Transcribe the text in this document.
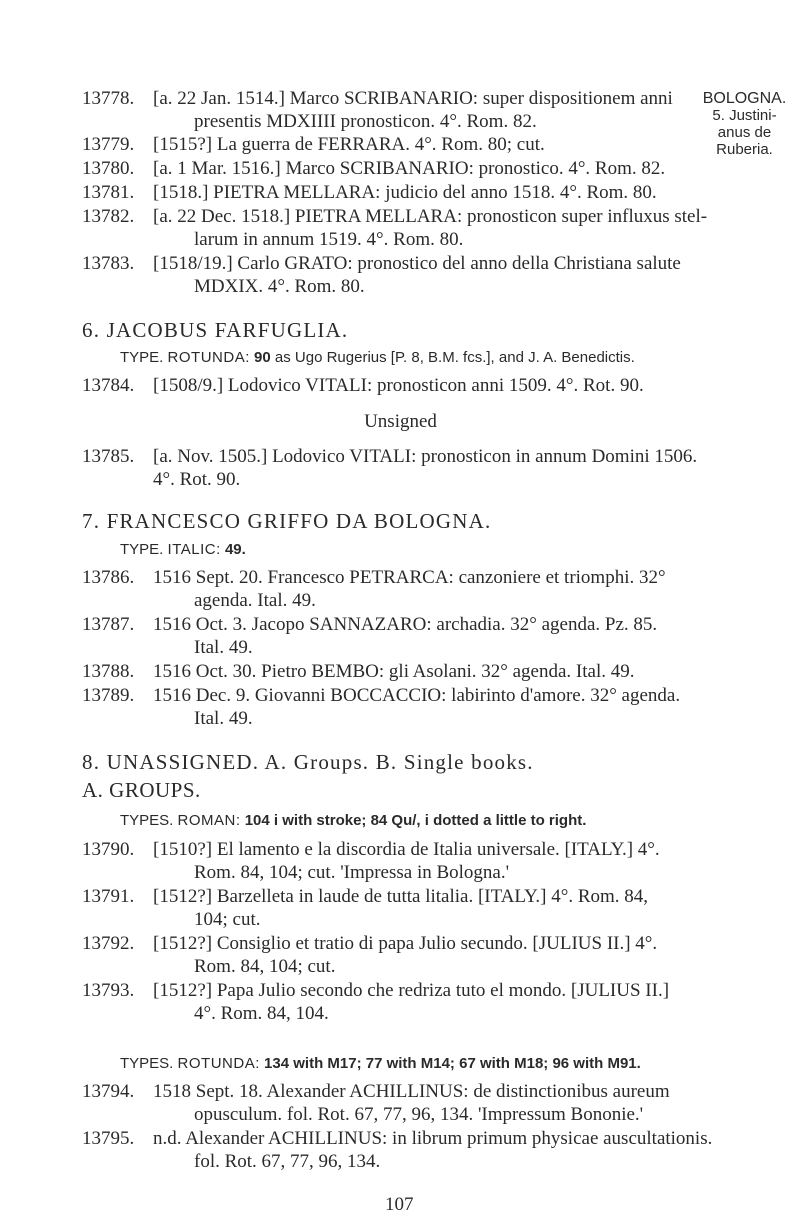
BOLOGNA.
5. Justini-
anus de
Ruberia.
13778. [a. 22 Jan. 1514.] Marco SCRIBANARIO: super dispositionem anni
presentis MDXIIII pronosticon. 4°. Rom. 82.
13779. [1515?] La guerra de FERRARA. 4°. Rom. 80; cut.
13780. [a. 1 Mar. 1516.] Marco SCRIBANARIO: pronostico. 4°. Rom. 82.
13781. [1518.] PIETRA MELLARA: judicio del anno 1518. 4°. Rom. 80.
13782. [a. 22 Dec. 1518.] PIETRA MELLARA: pronosticon super influxus stel-
larum in annum 1519. 4°. Rom. 80.
13783. [1518/19.] Carlo GRATO: pronostico del anno della Christiana salute
MDXIX. 4°. Rom. 80.
6. JACOBUS FARFUGLIA.
TYPE. ROTUNDA: 90 as Ugo Rugerius [P. 8, B.M. fcs.], and J. A. Benedictis.
13784. [1508/9.] Lodovico VITALI: pronosticon anni 1509. 4°. Rot. 90.
Unsigned
13785. [a. Nov. 1505.] Lodovico VITALI: pronosticon in annum Domini 1506.
4°. Rot. 90.
7. FRANCESCO GRIFFO DA BOLOGNA.
TYPE. ITALIC: 49.
13786. 1516 Sept. 20. Francesco PETRARCA: canzoniere et triomphi. 32°
agenda. Ital. 49.
13787. 1516 Oct. 3. Jacopo SANNAZARO: archadia. 32° agenda. Pz. 85.
Ital. 49.
13788. 1516 Oct. 30. Pietro BEMBO: gli Asolani. 32° agenda. Ital. 49.
13789. 1516 Dec. 9. Giovanni BOCCACCIO: labirinto d'amore. 32° agenda.
Ital. 49.
8. UNASSIGNED. A. Groups. B. Single books.
A. GROUPS.
TYPES. ROMAN: 104 i with stroke; 84 Qu/, i dotted a little to right.
13790. [1510?] El lamento e la discordia de Italia universale. [ITALY.] 4°.
Rom. 84, 104; cut. 'Impressa in Bologna.'
13791. [1512?] Barzelleta in laude de tutta litalia. [ITALY.] 4°. Rom. 84,
104; cut.
13792. [1512?] Consiglio et tratio di papa Julio secundo. [JULIUS II.] 4°.
Rom. 84, 104; cut.
13793. [1512?] Papa Julio secondo che redriza tuto el mondo. [JULIUS II.]
4°. Rom. 84, 104.
TYPES. ROTUNDA: 134 with M17; 77 with M14; 67 with M18; 96 with M91.
13794. 1518 Sept. 18. Alexander ACHILLINUS: de distinctionibus aureum
opusculum. fol. Rot. 67, 77, 96, 134. 'Impressum Bononie.'
13795. n.d. Alexander ACHILLINUS: in librum primum physicae auscultationis.
fol. Rot. 67, 77, 96, 134.
107
